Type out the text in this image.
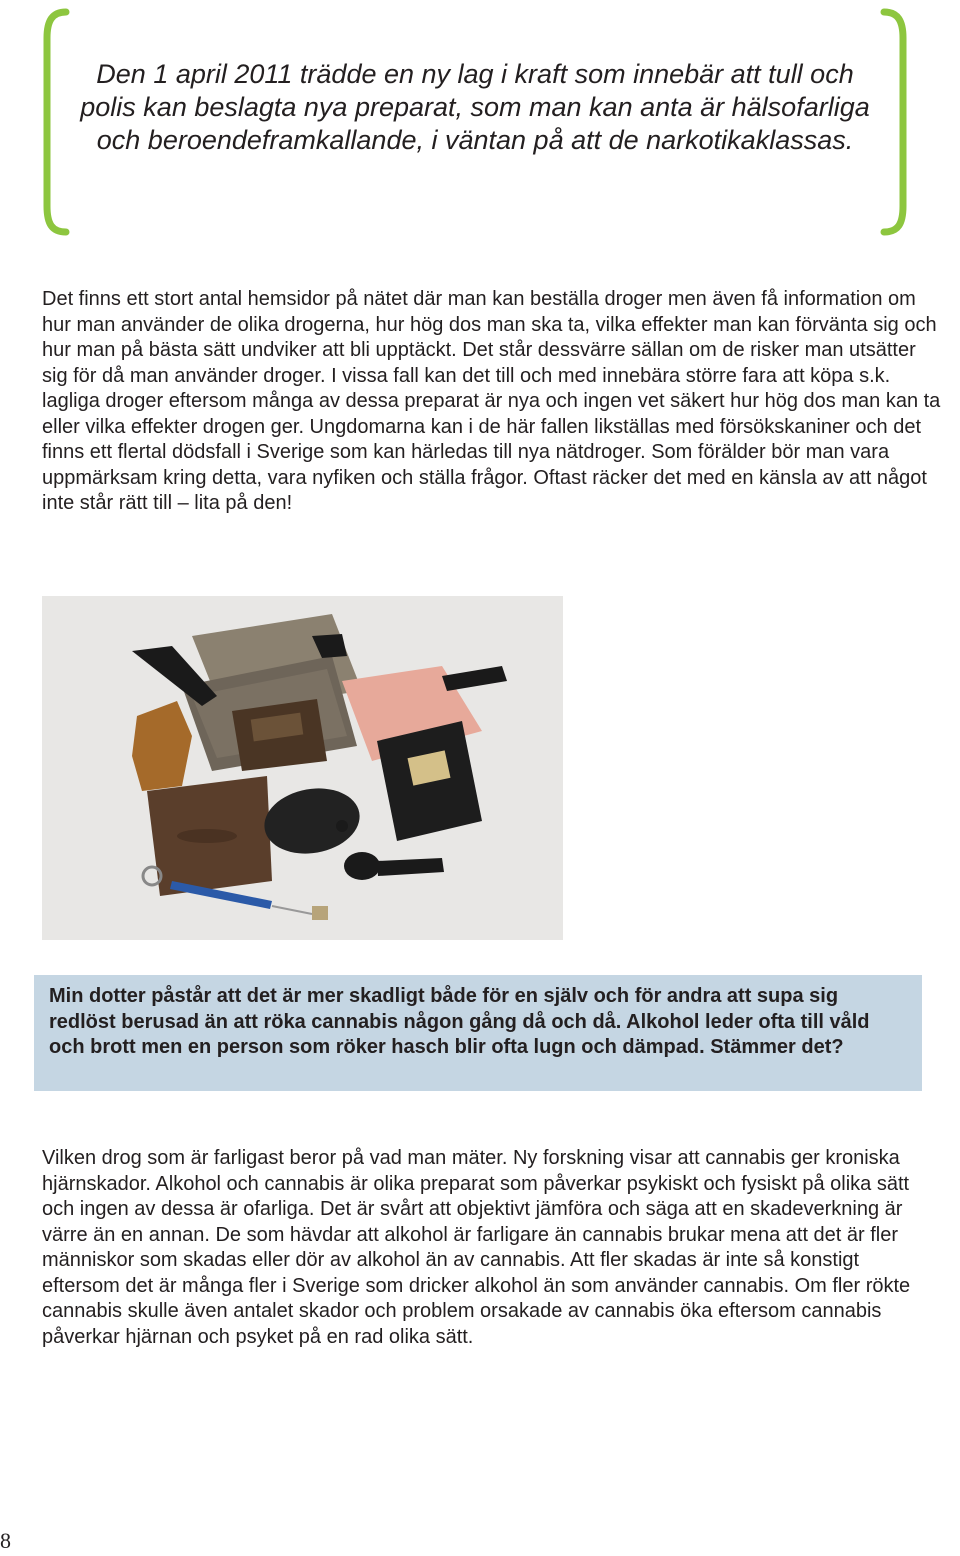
Den 1 april 2011 trädde en ny lag i kraft som innebär att tull och polis kan beslagta nya preparat, som man kan anta är hälsofarliga och beroendeframkallande, i väntan på att de narkotikaklassas.

Det finns ett stort antal hemsidor på nätet där man kan beställa droger men även få information om hur man använder de olika drogerna, hur hög dos man ska ta, vilka effekter man kan förvänta sig och hur man på bästa sätt undviker att bli upptäckt. Det står dessvärre sällan om de risker man utsätter sig för då man använder droger. I vissa fall kan det till och med innebära större fara att köpa s.k. lagliga droger eftersom många av dessa preparat är nya och ingen vet säkert hur hög dos man kan ta eller vilka effekter drogen ger. Ungdomarna kan i de här fallen likställas med försökskaniner och det finns ett flertal dödsfall i Sverige som kan härledas till nya nätdroger. Som förälder bör man vara uppmärksam kring detta, vara nyfiken och ställa frågor. Oftast räcker det med en känsla av att något inte står rätt till – lita på den!

Min dotter påstår att det är mer skadligt både för en själv och för andra att supa sig redlöst berusad än att röka cannabis någon gång då och då. Alkohol leder ofta till våld och brott men en person som röker hasch blir ofta lugn och dämpad. Stämmer det?

Vilken drog som är farligast beror på vad man mäter. Ny forskning visar att cannabis ger kroniska hjärnskador. Alkohol och cannabis är olika preparat som påverkar psykiskt och fysiskt på olika sätt och ingen av dessa är ofarliga. Det är svårt att objektivt jämföra och säga att en skadeverkning är värre än en annan. De som hävdar att alkohol är farligare än cannabis brukar mena att det är fler människor som skadas eller dör av alkohol än av cannabis. Att fler skadas är inte så konstigt eftersom det är många fler i Sverige som dricker alkohol än som använder cannabis. Om fler rökte cannabis skulle även antalet skador och problem orsakade av cannabis öka eftersom cannabis påverkar hjärnan och psyket på en rad olika sätt.

8
